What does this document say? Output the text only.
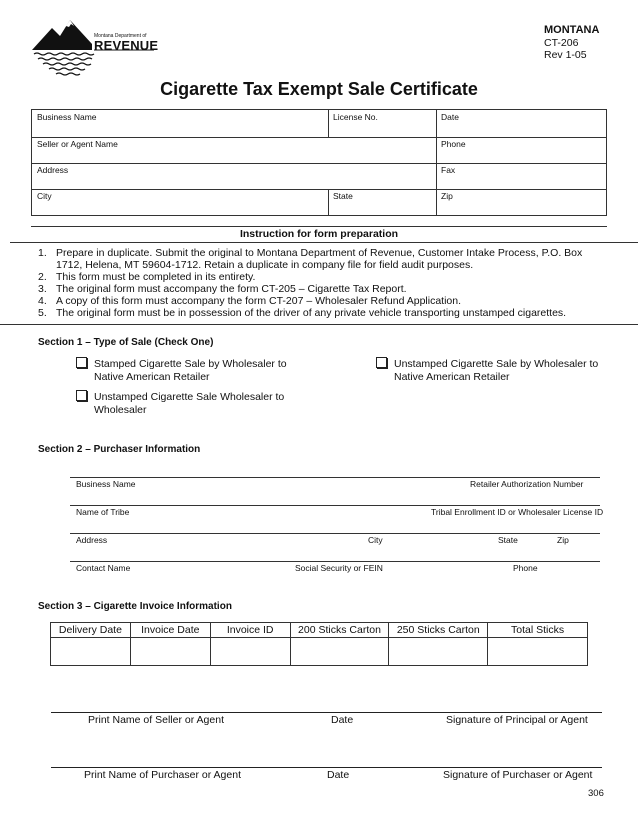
Montana Department of
REVENUE
MONTANA
CT-206
Rev 1-05
Cigarette Tax Exempt Sale Certificate
Business Name	License No.	Date
Seller or Agent Name	Phone
Address	Fax
City	State	Zip
Instruction for form preparation
1. Prepare in duplicate. Submit the original to Montana Department of Revenue, Customer Intake Process, P.O. Box 1712, Helena, MT 59604-1712. Retain a duplicate in company file for field audit purposes.
2. This form must be completed in its entirety.
3. The original form must accompany the form CT-205 – Cigarette Tax Report.
4. A copy of this form must accompany the form CT-207 – Wholesaler Refund Application.
5. The original form must be in possession of the driver of any private vehicle transporting unstamped cigarettes.
Section 1 – Type of Sale (Check One)
Stamped Cigarette Sale by Wholesaler to
Native American Retailer
Unstamped Cigarette Sale by Wholesaler to
Native American Retailer
Unstamped Cigarette Sale Wholesaler to
Wholesaler
Section 2 – Purchaser Information
Business Name	Retailer Authorization Number
Name of Tribe	Tribal Enrollment ID or Wholesaler License ID
Address	City	State	Zip
Contact Name	Social Security or FEIN	Phone
Section 3 – Cigarette Invoice Information
Delivery Date	Invoice Date	Invoice ID	200 Sticks Carton	250 Sticks Carton	Total Sticks

Print Name of Seller or Agent	Date	Signature of Principal or Agent
Print Name of Purchaser or Agent	Date	Signature of Purchaser or Agent
306
